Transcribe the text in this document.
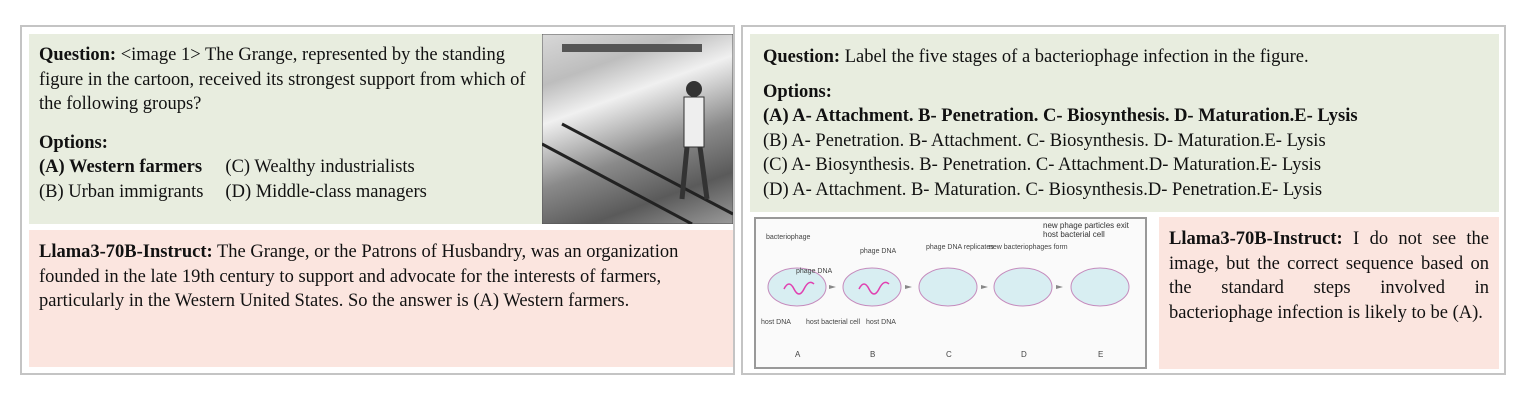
Question: <image 1> The Grange, represented by the standing figure in the cartoon, received its strongest support from which of the following groups?
Options:
(A) Western farmers (C) Wealthy industrialists
(B) Urban immigrants (D) Middle-class managers
Llama3-70B-Instruct: The Grange, or the Patrons of Husbandry, was an organization founded in the late 19th century to support and advocate for the interests of farmers, particularly in the Western United States. So the answer is (A) Western farmers.
Question: Label the five stages of a bacteriophage infection in the figure.
Options:
(A) A- Attachment. B- Penetration. C- Biosynthesis. D- Maturation.E- Lysis
(B) A- Penetration. B- Attachment. C- Biosynthesis. D- Maturation.E- Lysis
(C) A- Biosynthesis. B- Penetration. C- Attachment.D- Maturation.E- Lysis
(D) A- Attachment. B- Maturation. C- Biosynthesis.D- Penetration.E- Lysis
bacteriophage
phage DNA
host DNA host bacterial cell
phage DNA
host DNA
phage DNA replicates
new bacteriophages form
A	B	C	D	E
new phage particles exit host bacterial cell	Llama3-70B-Instruct: I do not see the image, but the correct sequence based on the standard steps involved in bacteriophage infection is likely to be (A).
